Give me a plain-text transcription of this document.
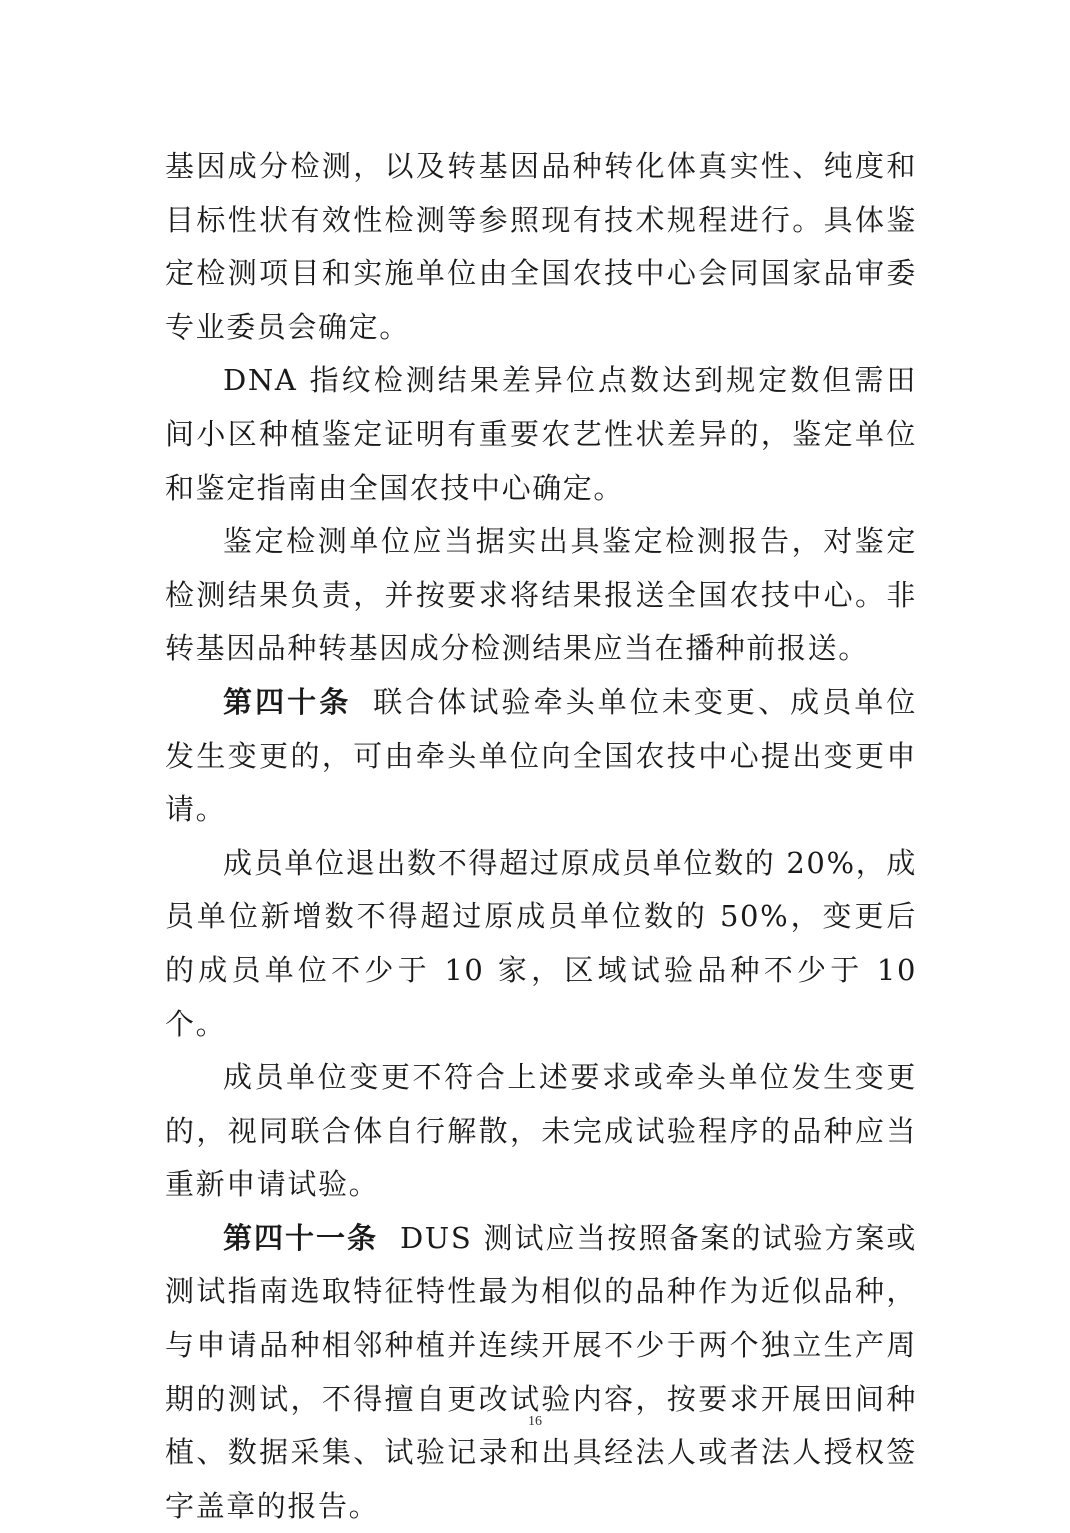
基因成分检测，以及转基因品种转化体真实性、纯度和目标性状有效性检测等参照现有技术规程进行。具体鉴定检测项目和实施单位由全国农技中心会同国家品审委专业委员会确定。

DNA 指纹检测结果差异位点数达到规定数但需田间小区种植鉴定证明有重要农艺性状差异的，鉴定单位和鉴定指南由全国农技中心确定。

鉴定检测单位应当据实出具鉴定检测报告，对鉴定检测结果负责，并按要求将结果报送全国农技中心。非转基因品种转基因成分检测结果应当在播种前报送。

第四十条 联合体试验牵头单位未变更、成员单位发生变更的，可由牵头单位向全国农技中心提出变更申请。

成员单位退出数不得超过原成员单位数的 20%，成员单位新增数不得超过原成员单位数的 50%，变更后的成员单位不少于 10 家，区域试验品种不少于 10 个。

成员单位变更不符合上述要求或牵头单位发生变更的，视同联合体自行解散，未完成试验程序的品种应当重新申请试验。

第四十一条 DUS 测试应当按照备案的试验方案或测试指南选取特征特性最为相似的品种作为近似品种，与申请品种相邻种植并连续开展不少于两个独立生产周期的测试，不得擅自更改试验内容，按要求开展田间种植、数据采集、试验记录和出具经法人或者法人授权签字盖章的报告。

16
